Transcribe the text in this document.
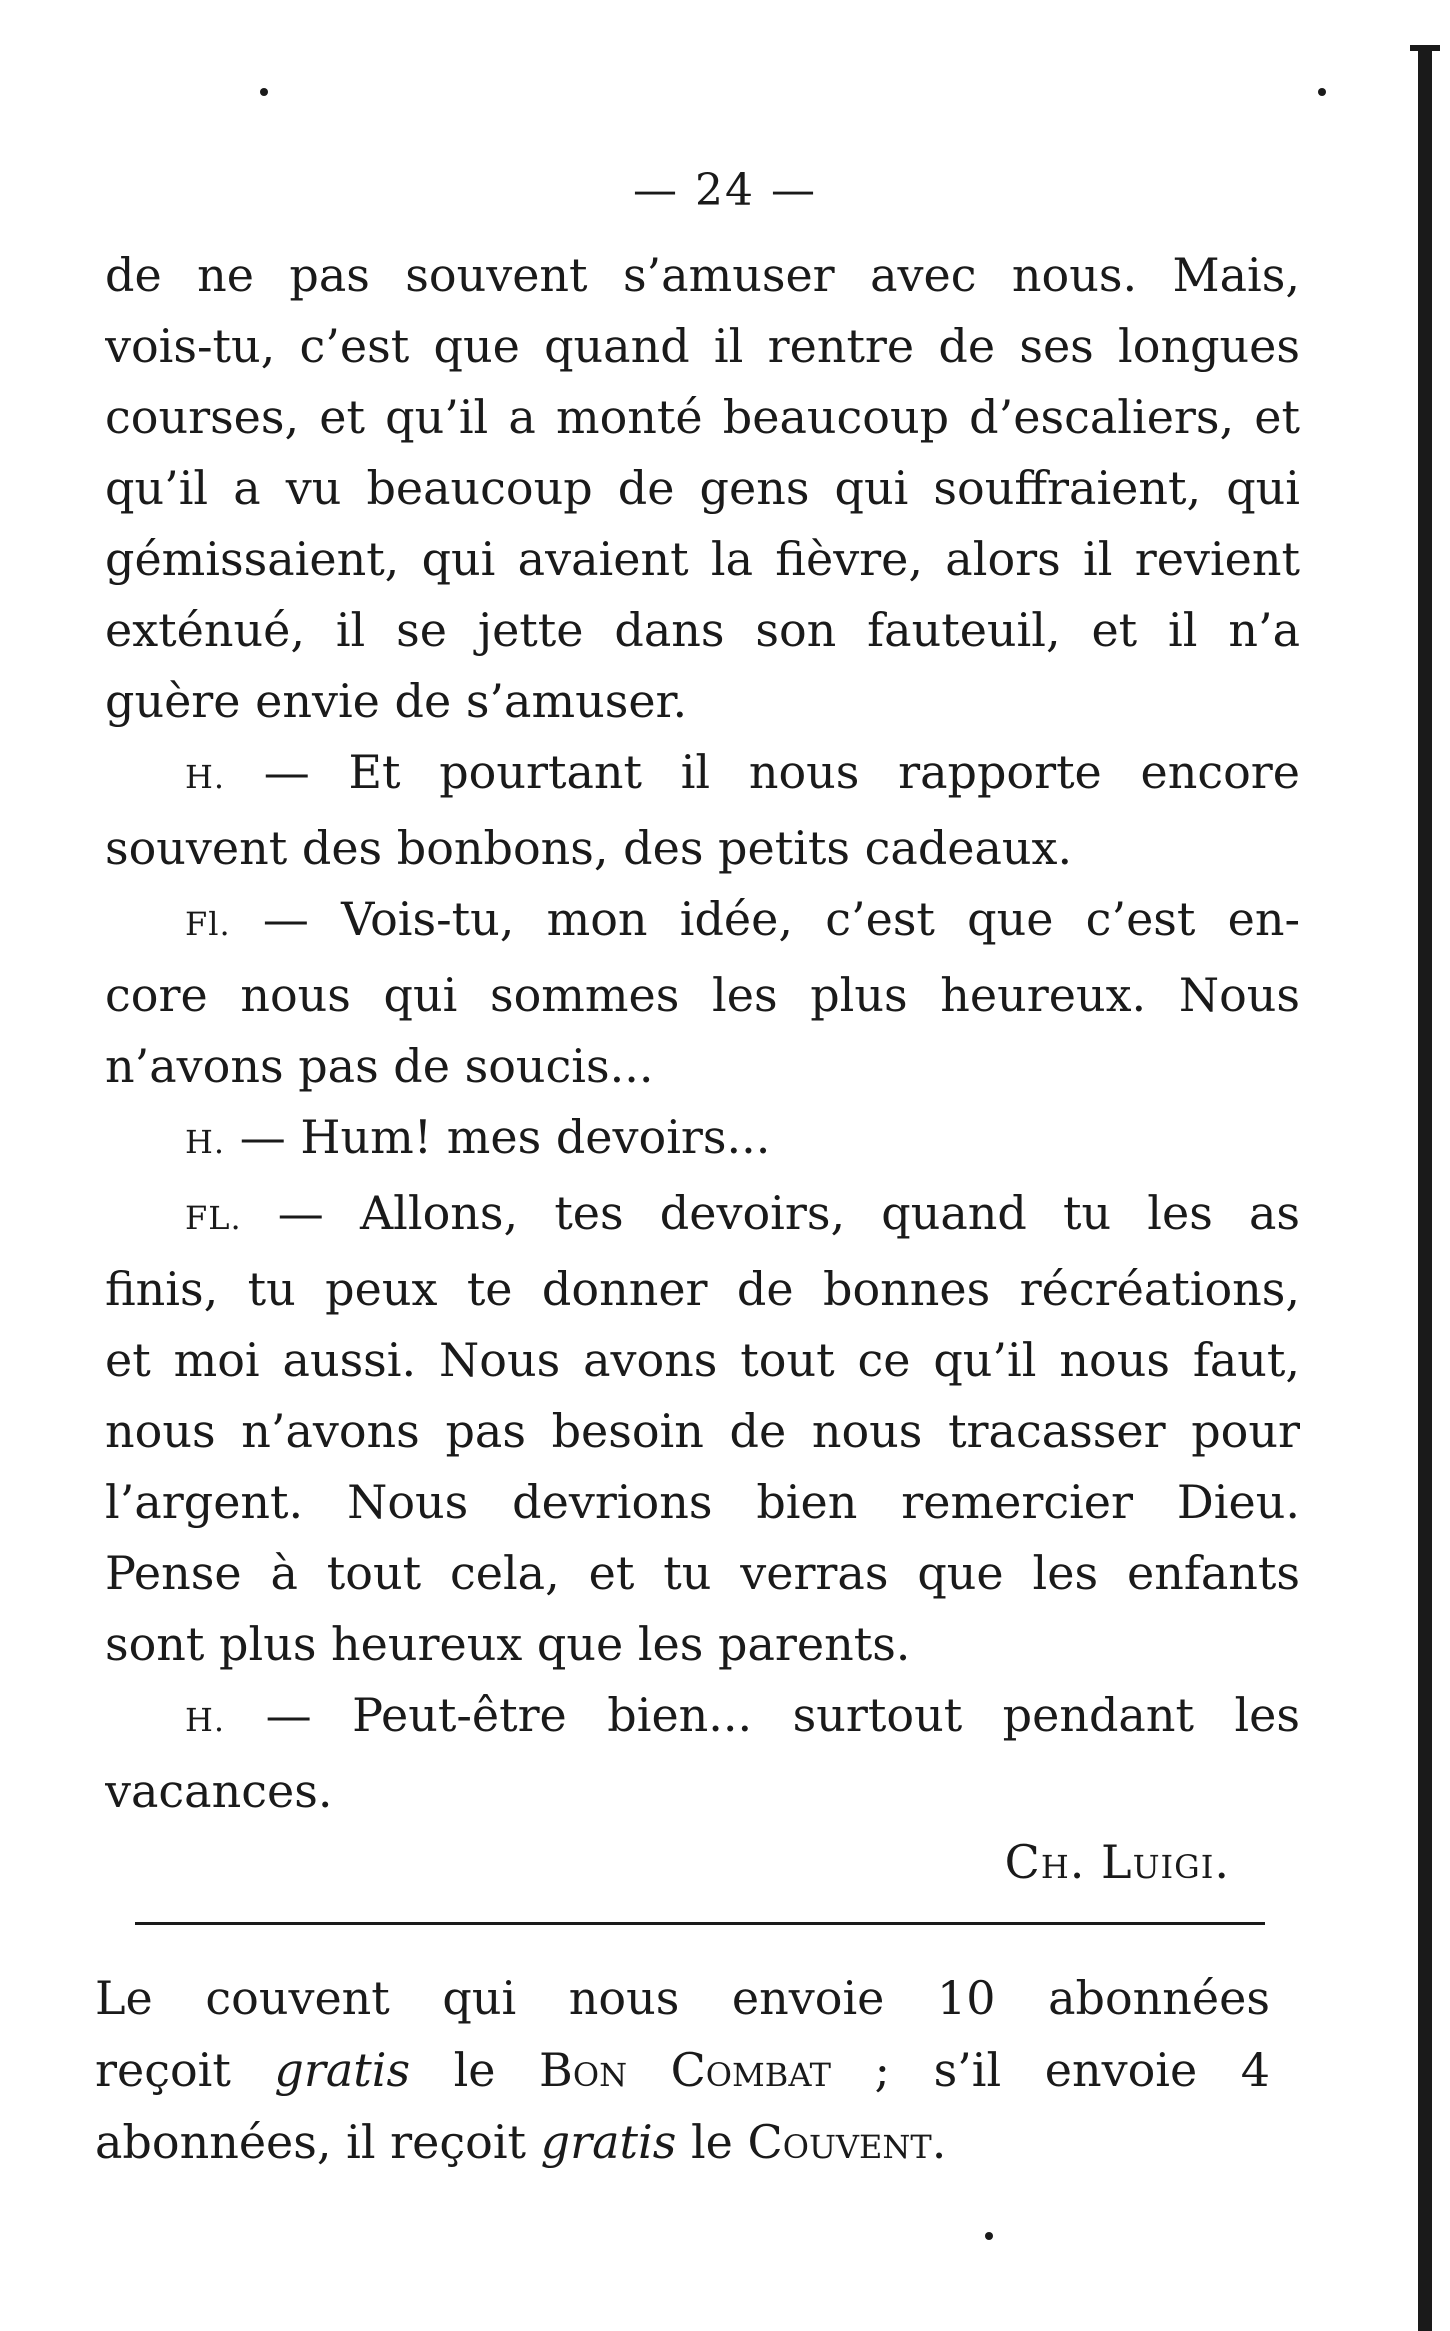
— 24 —
de ne pas souvent s’amuser avec nous. Mais,
vois-tu, c’est que quand il rentre de ses longues
courses, et qu’il a monté beaucoup d’escaliers, et
qu’il a vu beaucoup de gens qui souffraient, qui
gémissaient, qui avaient la fièvre, alors il revient
exténué, il se jette dans son fauteuil, et il n’a
guère envie de s’amuser.
H. — Et pourtant il nous rapporte encore
souvent des bonbons, des petits cadeaux.
Fl. — Vois-tu, mon idée, c’est que c’est en-
core nous qui sommes les plus heureux. Nous
n’avons pas de soucis...
H. — Hum! mes devoirs...
FL. — Allons, tes devoirs, quand tu les as
finis, tu peux te donner de bonnes récréations,
et moi aussi. Nous avons tout ce qu’il nous faut,
nous n’avons pas besoin de nous tracasser pour
l’argent. Nous devrions bien remercier Dieu.
Pense à tout cela, et tu verras que les enfants
sont plus heureux que les parents.
H. — Peut-être bien... surtout pendant les
vacances.
Ch. Luigi.
Le couvent qui nous envoie 10 abonnées
reçoit gratis le Bon Combat ; s’il envoie 4
abonnées, il reçoit gratis le Couvent.
